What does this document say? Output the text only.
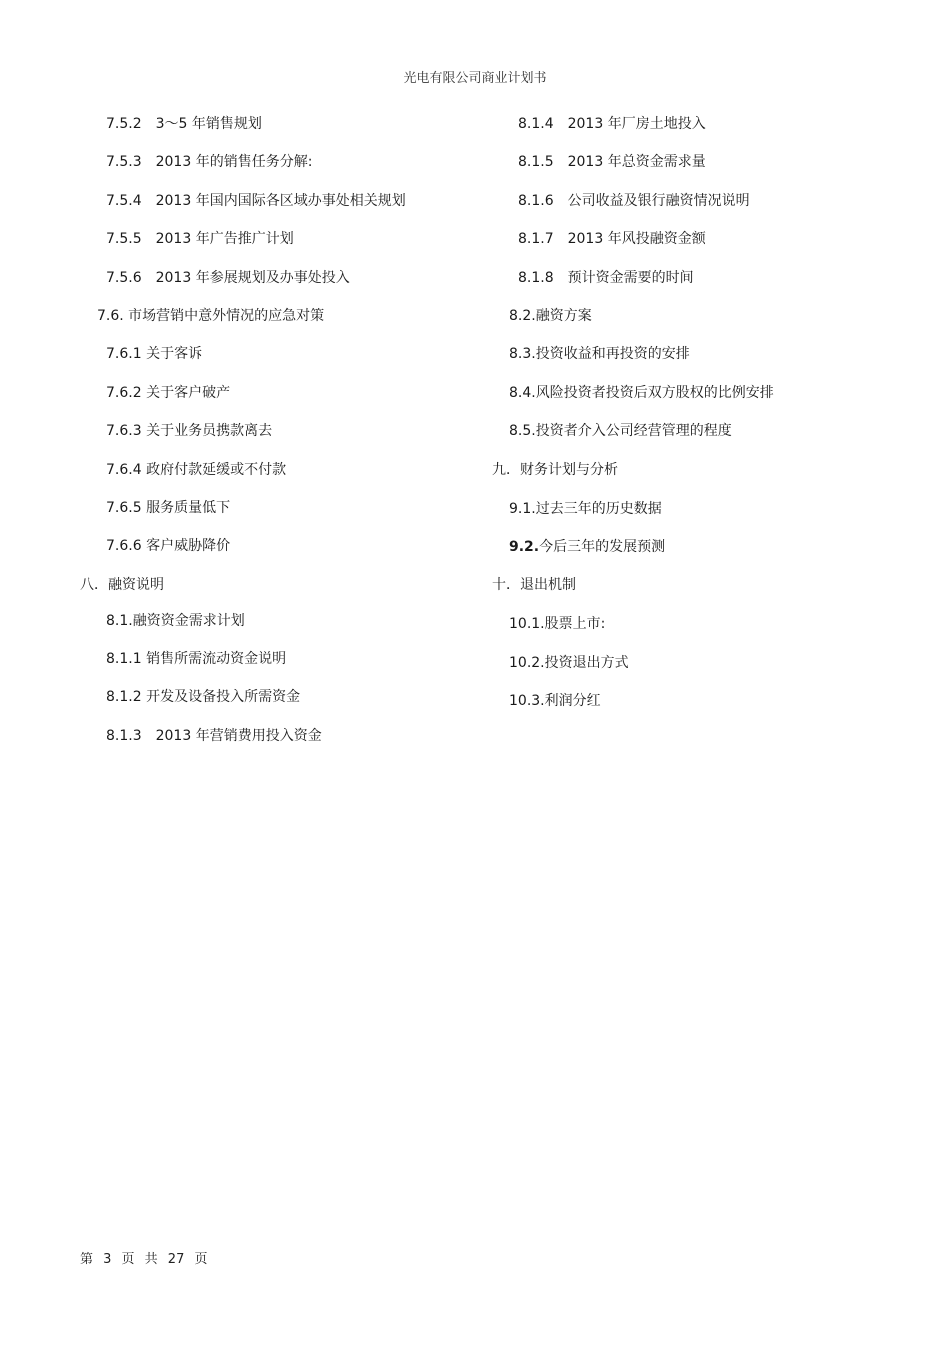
光电有限公司商业计划书
7.5.2　3～5 年销售规划
7.5.3　2013 年的销售任务分解:
7.5.4　2013 年国内国际各区域办事处相关规划
7.5.5　2013 年广告推广计划
7.5.6　2013 年参展规划及办事处投入
7.6. 市场营销中意外情况的应急对策
7.6.1 关于客诉
7.6.2 关于客户破产
7.6.3 关于业务员携款离去
7.6.4 政府付款延缓或不付款
7.6.5 服务质量低下
7.6.6 客户威胁降价
八．融资说明
8.1.融资资金需求计划
8.1.1 销售所需流动资金说明
8.1.2 开发及设备投入所需资金
8.1.3　2013 年营销费用投入资金
8.1.4　2013 年厂房土地投入
8.1.5　2013 年总资金需求量
8.1.6　公司收益及银行融资情况说明
8.1.7　2013 年风投融资金额
8.1.8　预计资金需要的时间
8.2.融资方案
8.3.投资收益和再投资的安排
8.4.风险投资者投资后双方股权的比例安排
8.5.投资者介入公司经营管理的程度
九．财务计划与分析
9.1.过去三年的历史数据
9.2.今后三年的发展预测
十．退出机制
10.1.股票上市:
10.2.投资退出方式
10.3.利润分红
第 3 页 共 27 页
